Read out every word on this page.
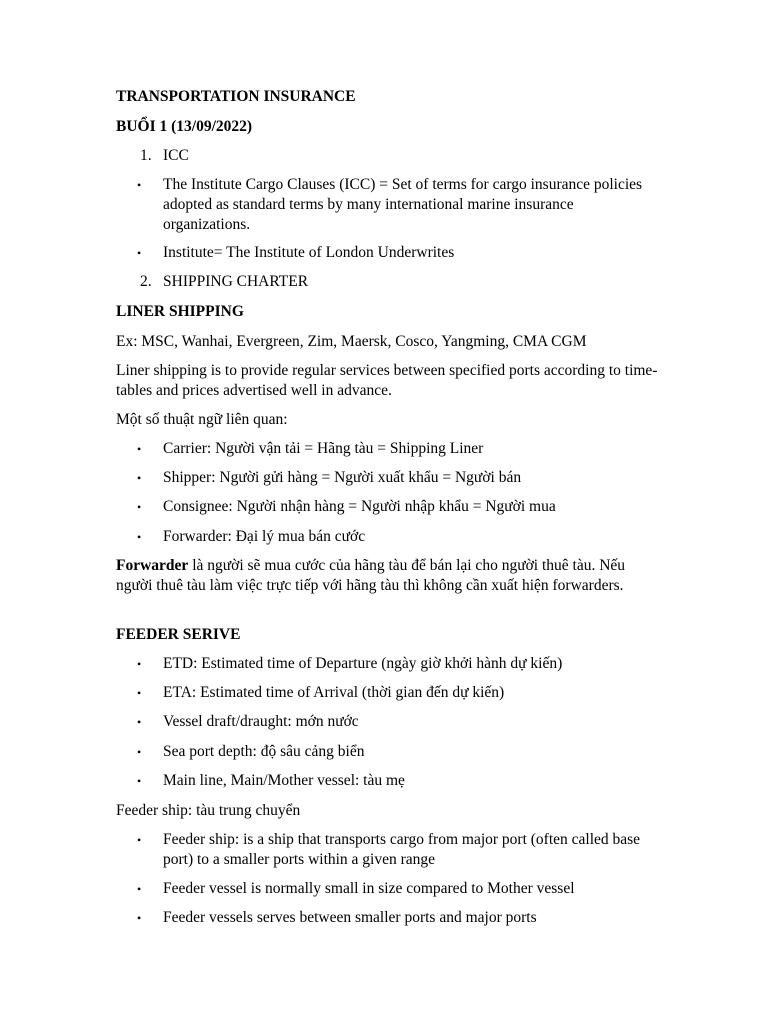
TRANSPORTATION INSURANCE
BUỔI 1 (13/09/2022)
1. ICC
• The Institute Cargo Clauses (ICC) = Set of terms for cargo insurance policies adopted as standard terms by many international marine insurance organizations.
• Institute= The Institute of London Underwrites
2. SHIPPING CHARTER
LINER SHIPPING
Ex: MSC, Wanhai, Evergreen, Zim, Maersk, Cosco, Yangming, CMA CGM
Liner shipping is to provide regular services between specified ports according to time- tables and prices advertised well in advance.
Một số thuật ngữ liên quan:
• Carrier: Người vận tải = Hãng tàu = Shipping Liner
• Shipper: Người gửi hàng = Người xuất khẩu = Người bán
• Consignee: Người nhận hàng = Người nhập khẩu = Người mua
• Forwarder: Đại lý mua bán cước
Forwarder là người sẽ mua cước của hãng tàu để bán lại cho người thuê tàu. Nếu người thuê tàu làm việc trực tiếp với hãng tàu thì không cần xuất hiện forwarders.
FEEDER SERIVE
• ETD: Estimated time of Departure (ngày giờ khởi hành dự kiến)
• ETA: Estimated time of Arrival (thời gian đến dự kiến)
• Vessel draft/draught: mớn nước
• Sea port depth: độ sâu cảng biển
• Main line, Main/Mother vessel: tàu mẹ
Feeder ship: tàu trung chuyển
• Feeder ship: is a ship that transports cargo from major port (often called base port) to a smaller ports within a given range
• Feeder vessel is normally small in size compared to Mother vessel
• Feeder vessels serves between smaller ports and major ports
